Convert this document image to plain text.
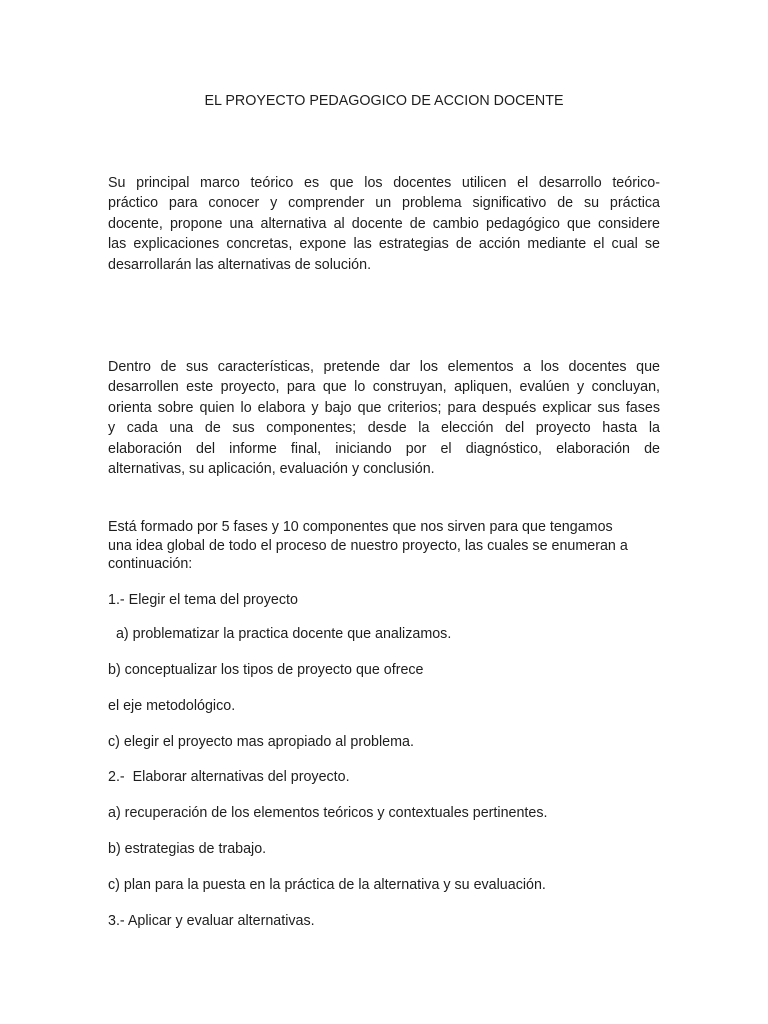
EL PROYECTO PEDAGOGICO DE ACCION DOCENTE
Su principal marco teórico es que los docentes utilicen el desarrollo teórico-
práctico para conocer y comprender un problema significativo de su práctica
docente, propone una alternativa al docente de cambio pedagógico que considere
las explicaciones concretas, expone las estrategias de acción mediante el cual se
desarrollarán las alternativas de solución.
Dentro de sus características, pretende dar los elementos a los docentes que
desarrollen este proyecto, para que lo construyan, apliquen, evalúen y concluyan,
orienta sobre quien lo elabora y bajo que criterios; para después explicar sus fases
y cada una de sus componentes; desde la elección del proyecto hasta la
elaboración del informe final, iniciando por el diagnóstico, elaboración de
alternativas, su aplicación, evaluación y conclusión.
Está formado por 5 fases y 10 componentes que nos sirven para que tengamos
una idea global de todo el proceso de nuestro proyecto, las cuales se enumeran a
continuación:
1.- Elegir el tema del proyecto
a) problematizar la practica docente que analizamos.
b) conceptualizar los tipos de proyecto que ofrece
el eje metodológico.
c) elegir el proyecto mas apropiado al problema.
2.-  Elaborar alternativas del proyecto.
a) recuperación de los elementos teóricos y contextuales pertinentes.
b) estrategias de trabajo.
c) plan para la puesta en la práctica de la alternativa y su evaluación.
3.- Aplicar y evaluar alternativas.
